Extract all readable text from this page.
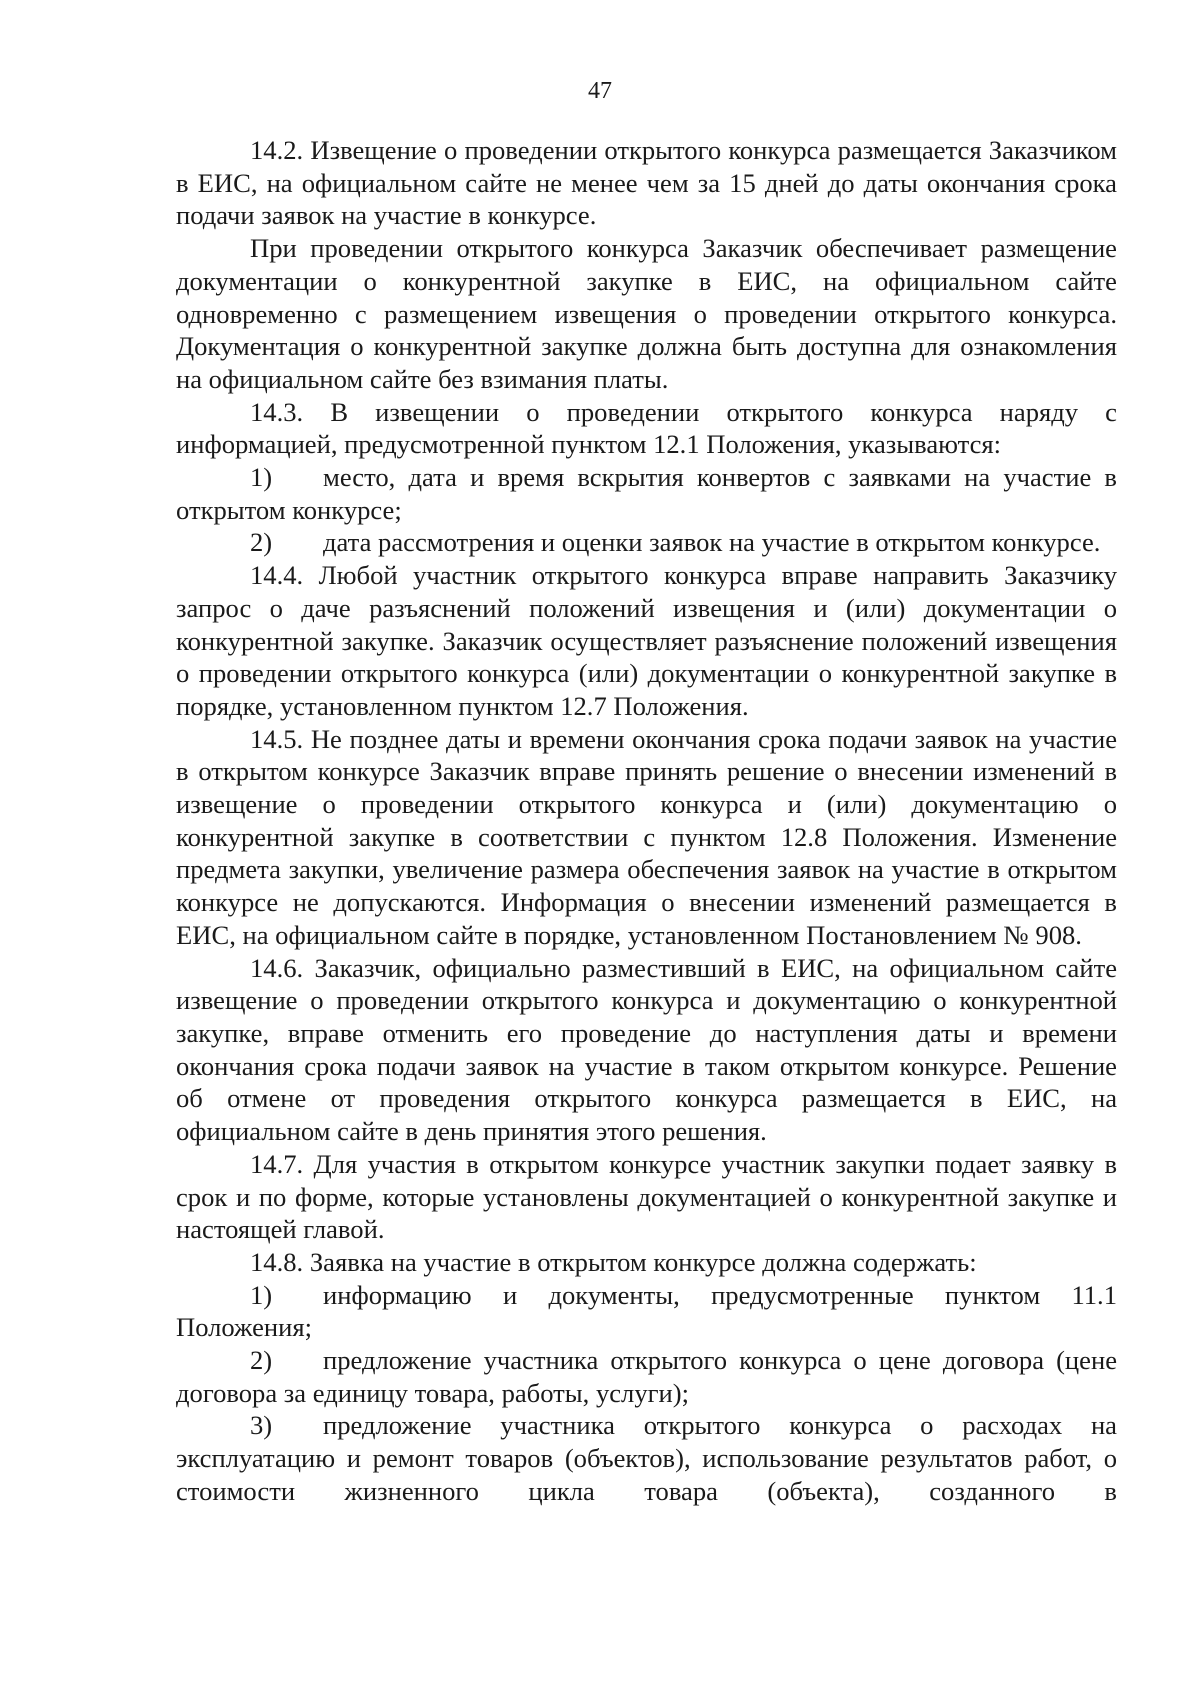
47

14.2. Извещение о проведении открытого конкурса размещается Заказчиком в ЕИС, на официальном сайте не менее чем за 15 дней до даты окончания срока подачи заявок на участие в конкурсе.

При проведении открытого конкурса Заказчик обеспечивает размещение документации о конкурентной закупке в ЕИС, на официальном сайте одновременно с размещением извещения о проведении открытого конкурса. Документация о конкурентной закупке должна быть доступна для ознакомления на официальном сайте без взимания платы.

14.3. В извещении о проведении открытого конкурса наряду с информацией, предусмотренной пунктом 12.1 Положения, указываются:

1) место, дата и время вскрытия конвертов с заявками на участие в открытом конкурсе;

2) дата рассмотрения и оценки заявок на участие в открытом конкурсе.

14.4. Любой участник открытого конкурса вправе направить Заказчику запрос о даче разъяснений положений извещения и (или) документации о конкурентной закупке. Заказчик осуществляет разъяснение положений извещения о проведении открытого конкурса (или) документации о конкурентной закупке в порядке, установленном пунктом 12.7 Положения.

14.5. Не позднее даты и времени окончания срока подачи заявок на участие в открытом конкурсе Заказчик вправе принять решение о внесении изменений в извещение о проведении открытого конкурса и (или) документацию о конкурентной закупке в соответствии с пунктом 12.8 Положения. Изменение предмета закупки, увеличение размера обеспечения заявок на участие в открытом конкурсе не допускаются. Информация о внесении изменений размещается в ЕИС, на официальном сайте в порядке, установленном Постановлением № 908.

14.6. Заказчик, официально разместивший в ЕИС, на официальном сайте извещение о проведении открытого конкурса и документацию о конкурентной закупке, вправе отменить его проведение до наступления даты и времени окончания срока подачи заявок на участие в таком открытом конкурсе. Решение об отмене от проведения открытого конкурса размещается в ЕИС, на официальном сайте в день принятия этого решения.

14.7. Для участия в открытом конкурсе участник закупки подает заявку в срок и по форме, которые установлены документацией о конкурентной закупке и настоящей главой.

14.8. Заявка на участие в открытом конкурсе должна содержать:

1) информацию и документы, предусмотренные пунктом 11.1 Положения;

2) предложение участника открытого конкурса о цене договора (цене договора за единицу товара, работы, услуги);

3) предложение участника открытого конкурса о расходах на эксплуатацию и ремонт товаров (объектов), использование результатов работ, о стоимости жизненного цикла товара (объекта), созданного в
